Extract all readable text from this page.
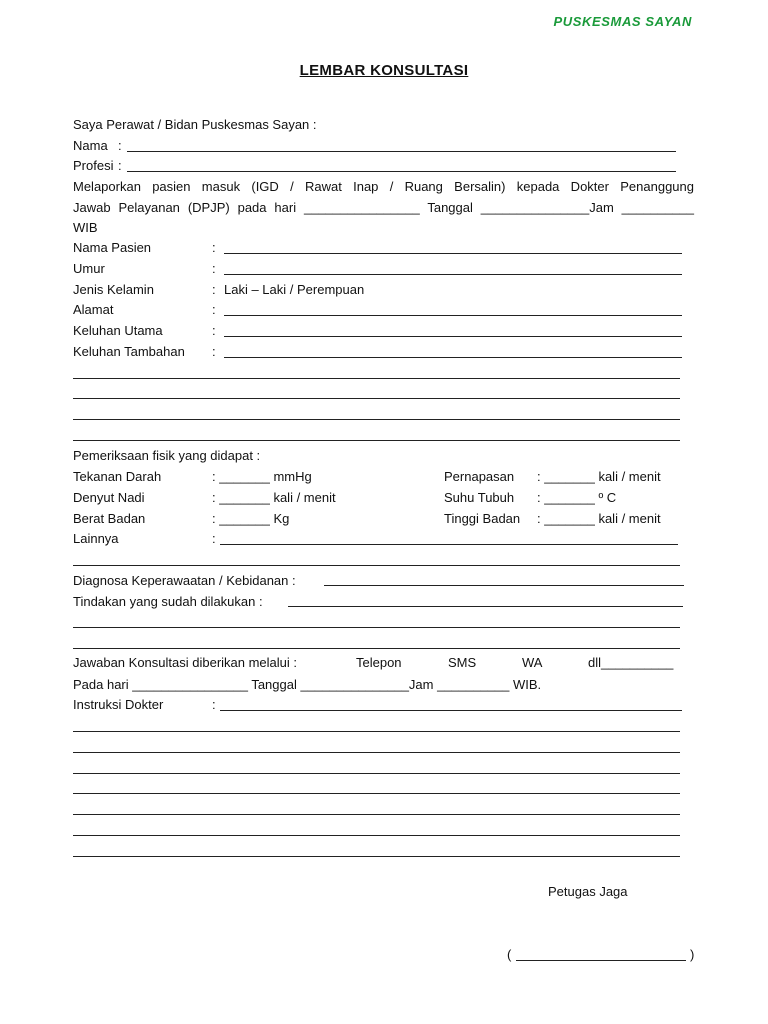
PUSKESMAS SAYAN
LEMBAR KONSULTASI
Saya Perawat / Bidan Puskesmas Sayan :
Nama :
Profesi :
Melaporkan pasien masuk (IGD / Rawat Inap / Ruang Bersalin) kepada Dokter Penanggung
Jawab Pelayanan (DPJP) pada hari ________________ Tanggal _______________Jam __________
WIB
Nama Pasien	:
Umur	:
Jenis Kelamin	: Laki – Laki / Perempuan
Alamat	:
Keluhan Utama	:
Keluhan Tambahan :
Pemeriksaan fisik yang didapat :
Tekanan Darah	: _______ mmHg	Pernapasan : _______ kali / menit
Denyut Nadi	: _______ kali / menit	Suhu Tubuh : _______ º C
Berat Badan	: _______ Kg	Tinggi Badan : _______ kali / menit
Lainnya	:
Diagnosa Keperawaatan / Kebidanan :
Tindakan yang sudah dilakukan :
Jawaban Konsultasi diberikan melalui :	Telepon	SMS	WA	dll__________
Pada hari ________________ Tanggal _______________Jam __________ WIB.
Instruksi Dokter	:
Petugas Jaga
(	)
